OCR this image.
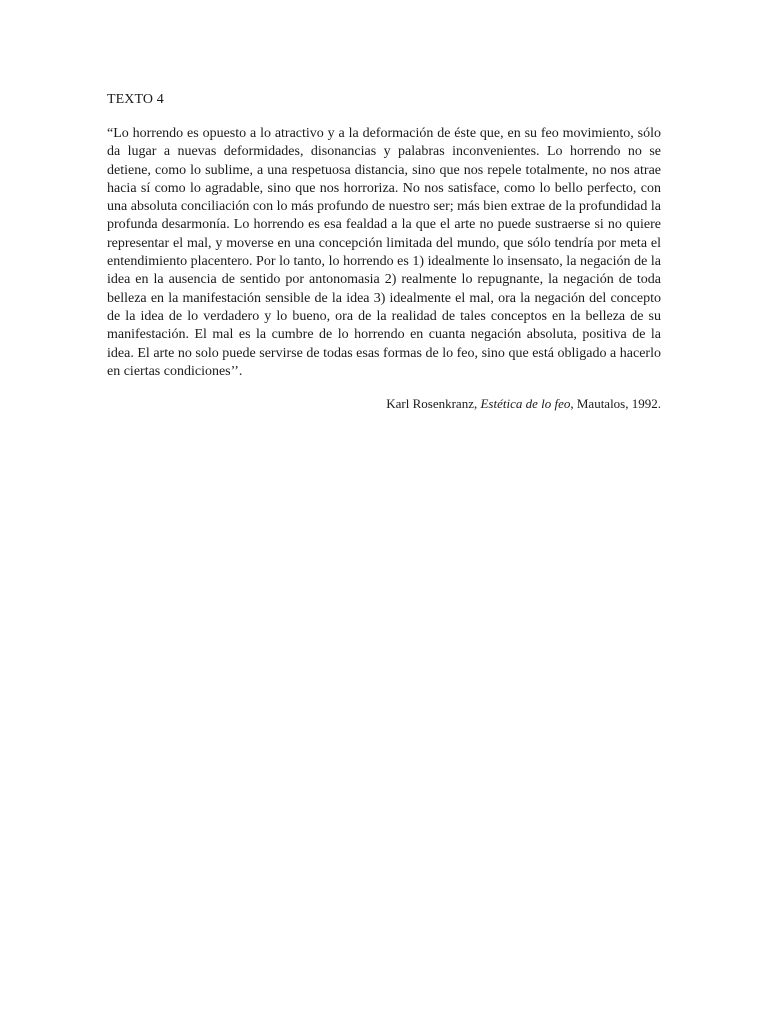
TEXTO 4

“Lo horrendo es opuesto a lo atractivo y a la deformación de éste que, en su feo movimiento, sólo da lugar a nuevas deformidades, disonancias y palabras inconvenientes. Lo horrendo no se detiene, como lo sublime, a una respetuosa distancia, sino que nos repele totalmente, no nos atrae hacia sí como lo agradable, sino que nos horroriza. No nos satisface, como lo bello perfecto, con una absoluta conciliación con lo más profundo de nuestro ser; más bien extrae de la profundidad la profunda desarmonía. Lo horrendo es esa fealdad a la que el arte no puede sustraerse si no quiere representar el mal, y moverse en una concepción limitada del mundo, que sólo tendría por meta el entendimiento placentero. Por lo tanto, lo horrendo es 1) idealmente lo insensato, la negación de la idea en la ausencia de sentido por antonomasia 2) realmente lo repugnante, la negación de toda belleza en la manifestación sensible de la idea 3) idealmente el mal, ora la negación del concepto de la idea de lo verdadero y lo bueno, ora de la realidad de tales conceptos en la belleza de su manifestación. El mal es la cumbre de lo horrendo en cuanta negación absoluta, positiva de la idea. El arte no solo puede servirse de todas esas formas de lo feo, sino que está obligado a hacerlo en ciertas condiciones’’.

Karl Rosenkranz, Estética de lo feo, Mautalos, 1992.
